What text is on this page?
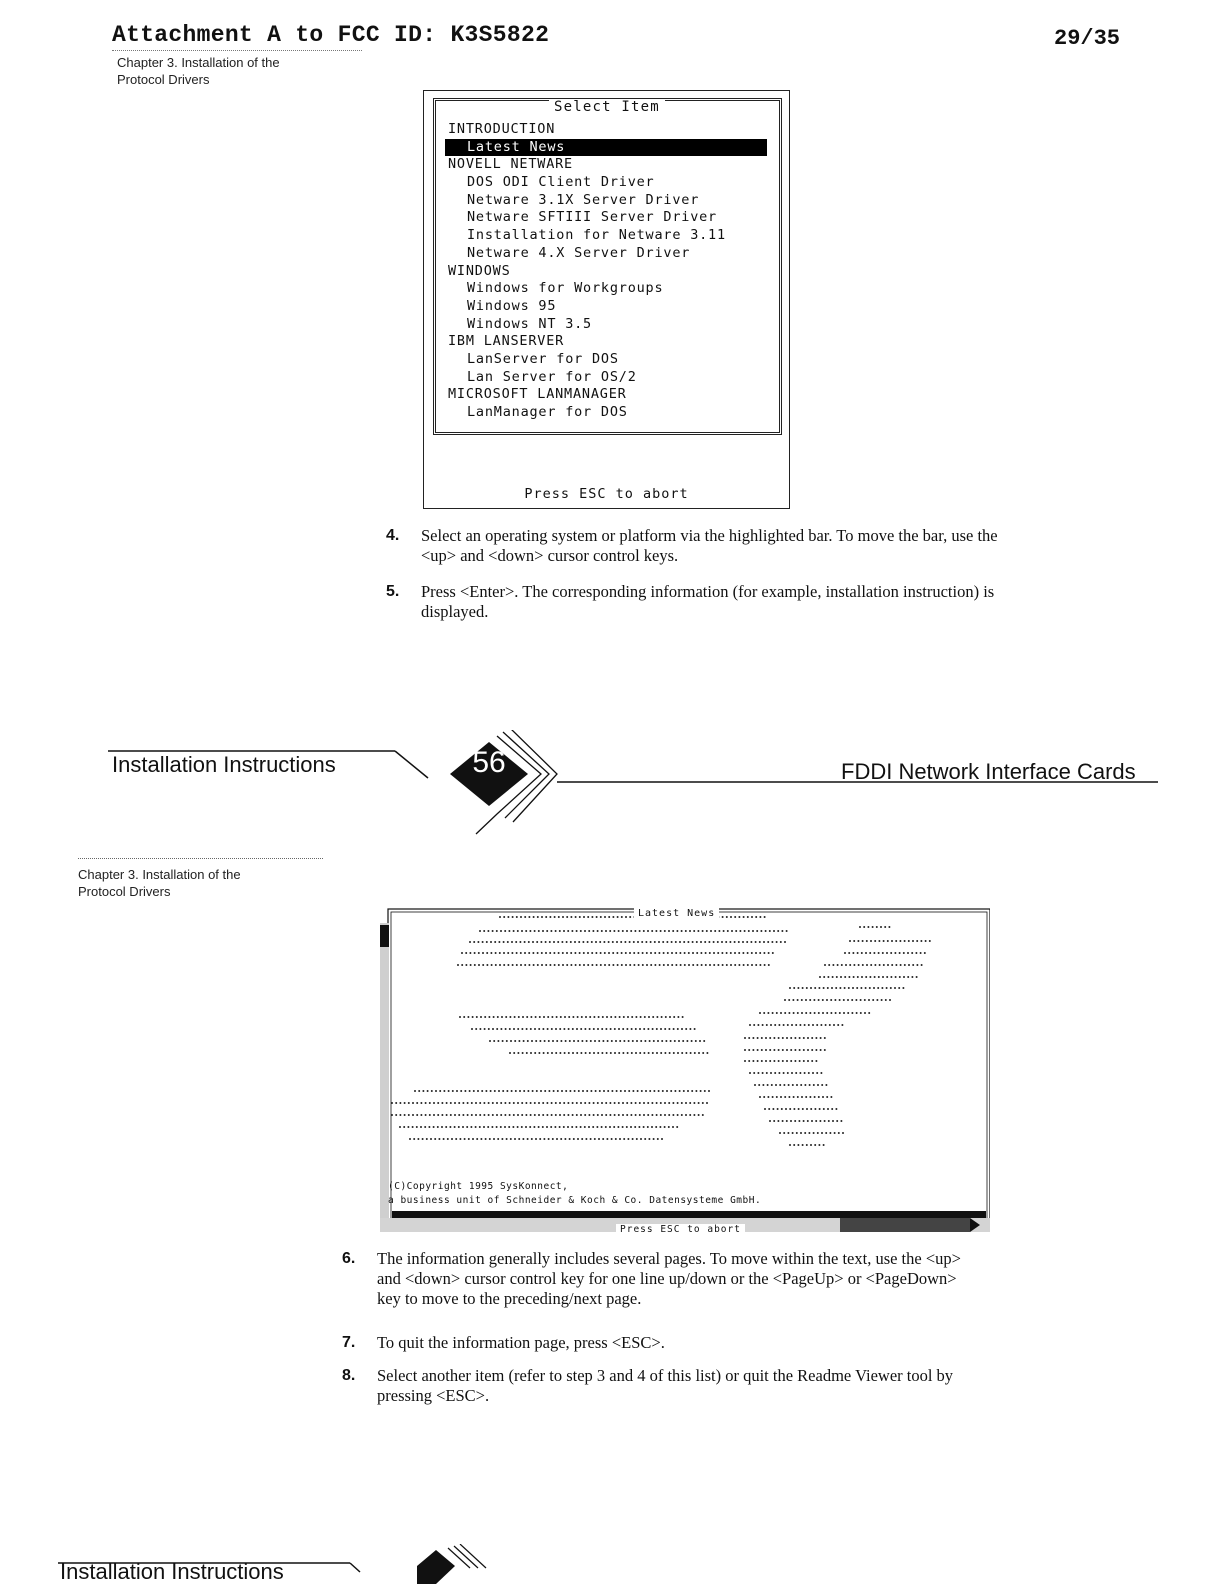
Attachment A to FCC ID: K3S5822	29/35
Chapter 3. Installation of the
Protocol Drivers
Select Item
INTRODUCTION
Latest News
NOVELL NETWARE
DOS ODI Client Driver
Netware 3.1X Server Driver
Netware SFTIII Server Driver
Installation for Netware 3.11
Netware 4.X Server Driver
WINDOWS
Windows for Workgroups
Windows 95
Windows NT 3.5
IBM LANSERVER
LanServer for DOS
Lan Server for OS/2
MICROSOFT LANMANAGER
LanManager for DOS
Press ESC to abort
4. Select an operating system or platform via the highlighted bar. To move the bar, use the
<up> and <down> cursor control keys.
5. Press <Enter>. The corresponding information (for example, installation instruction) is
displayed.
Installation Instructions	56	FDDI Network Interface Cards
Chapter 3. Installation of the
Protocol Drivers
Latest News
(C)Copyright 1995 SysKonnect,
a business unit of Schneider & Koch & Co. Datensysteme GmbH.
Press ESC to abort
6. The information generally includes several pages. To move within the text, use the <up>
and <down> cursor control key for one line up/down or the <PageUp> or <PageDown>
key to move to the preceding/next page.
7. To quit the information page, press <ESC>.
8. Select another item (refer to step 3 and 4 of this list) or quit the Readme Viewer tool by
pressing <ESC>.
Installation Instructions
